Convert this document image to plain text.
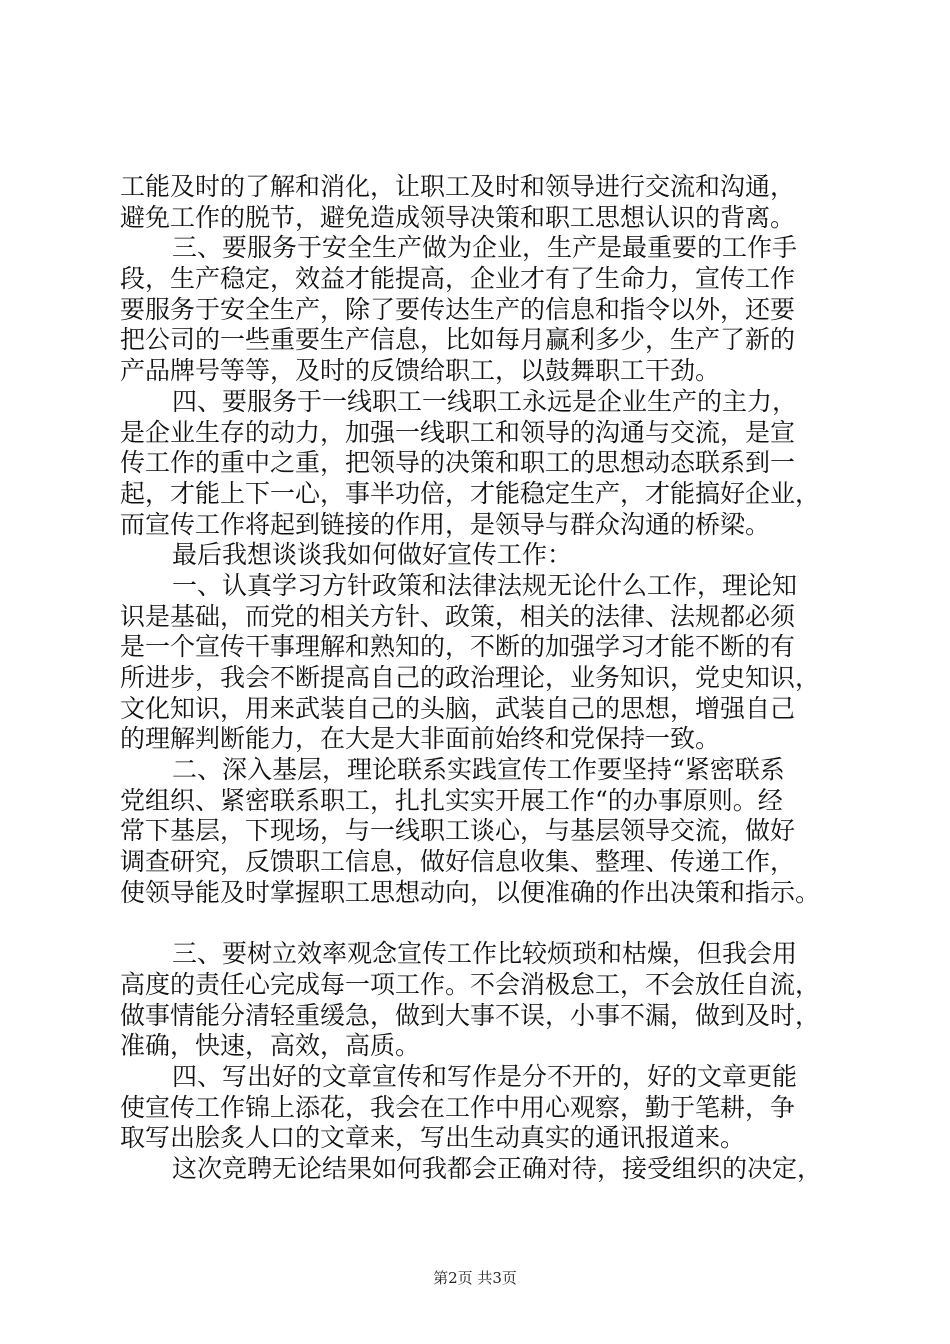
工能及时的了解和消化，让职工及时和领导进行交流和沟通，
避免工作的脱节，避免造成领导决策和职工思想认识的背离。
三、要服务于安全生产做为企业，生产是最重要的工作手
段，生产稳定，效益才能提高，企业才有了生命力，宣传工作
要服务于安全生产，除了要传达生产的信息和指令以外，还要
把公司的一些重要生产信息，比如每月赢利多少，生产了新的
产品牌号等等，及时的反馈给职工，以鼓舞职工干劲。
四、要服务于一线职工一线职工永远是企业生产的主力，
是企业生存的动力，加强一线职工和领导的沟通与交流，是宣
传工作的重中之重，把领导的决策和职工的思想动态联系到一
起，才能上下一心，事半功倍，才能稳定生产，才能搞好企业，
而宣传工作将起到链接的作用，是领导与群众沟通的桥梁。
最后我想谈谈我如何做好宣传工作：
一、认真学习方针政策和法律法规无论什么工作，理论知
识是基础，而党的相关方针、政策，相关的法律、法规都必须
是一个宣传干事理解和熟知的，不断的加强学习才能不断的有
所进步，我会不断提高自己的政治理论，业务知识，党史知识，
文化知识，用来武装自己的头脑，武装自己的思想，增强自己
的理解判断能力，在大是大非面前始终和党保持一致。
二、深入基层，理论联系实践宣传工作要坚持“紧密联系
党组织、紧密联系职工，扎扎实实开展工作“的办事原则。经
常下基层，下现场，与一线职工谈心，与基层领导交流，做好
调查研究，反馈职工信息，做好信息收集、整理、传递工作，
使领导能及时掌握职工思想动向，以便准确的作出决策和指示。
三、要树立效率观念宣传工作比较烦琐和枯燥，但我会用
高度的责任心完成每一项工作。不会消极怠工，不会放任自流，
做事情能分清轻重缓急，做到大事不误，小事不漏，做到及时，
准确，快速，高效，高质。
四、写出好的文章宣传和写作是分不开的，好的文章更能
使宣传工作锦上添花，我会在工作中用心观察，勤于笔耕，争
取写出脍炙人口的文章来，写出生动真实的通讯报道来。
这次竞聘无论结果如何我都会正确对待，接受组织的决定，
第2页 共3页
